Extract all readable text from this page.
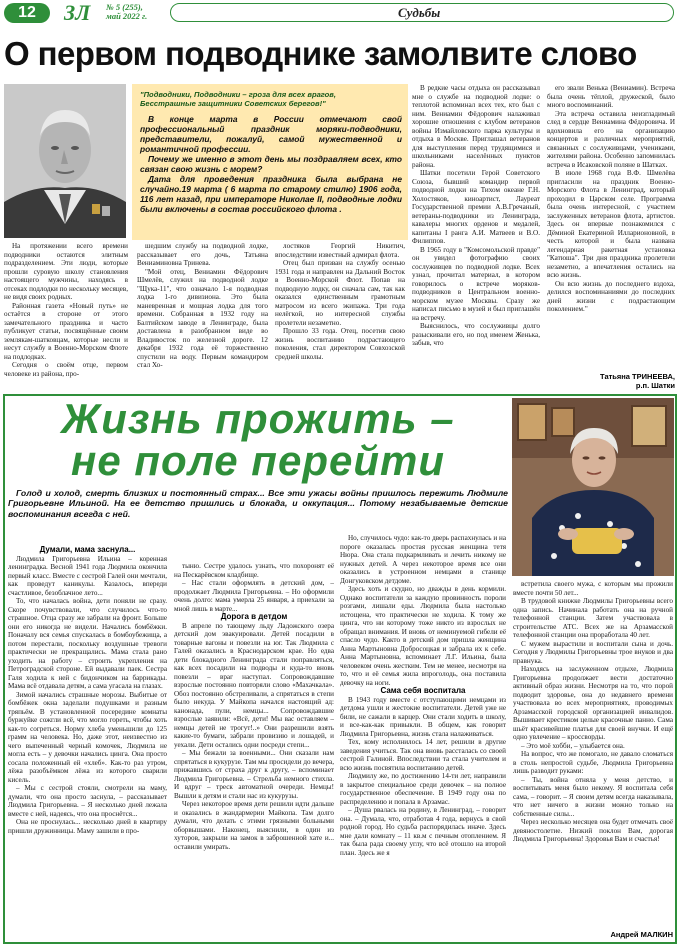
12	ЗЛ № 5 (255),
май 2022 г.	Судьбы
О первом подводнике замолвите слово
"Подводники, Подводники – гроза для всех врагов,
Бесстрашные защитники Советских берегов!"

В конце марта в России отмечают свой профессиональный праздник моряки-подводники, представители, пожалуй, самой мужественной и романтичной профессии.

Почему же именно в этот день мы поздравляем всех, кто связан свою жизнь с морем?

Дата для проведения праздника была выбрана не случайно.19 марта ( 6 марта по старому стилю) 1906 года, 116 лет назад, при императоре Николае II, подводные лодки были включены в состав российского флота .

На протяжении всего времени подводники остаются элитным подразделением. Эти люди, которые прошли суровую школу становления настоящего мужчины, находясь в отсеках подлодки по нескольку месяцев, не видя своих родных.

Районная газета «Новый путь» не остаётся в стороне от этого замечательного праздника и часто публикует статьи, посвящённые своим землякам-шатковцам, которые несли и несут службу в Военно-Морском Флоте на подлодках.

Сегодня о своём отце, первом человеке из района, про-

шедшим службу на подводной лодке, рассказывает его дочь, Татьяна Вениаминовна Триневa.

"Мой отец, Вениамин Фёдорович Шмелёв, служил на подводной лодке "Щука-11", что означало 1-я подводная лодка 1-го дивизиона. Это была маневренная и мощная лодка для того времени. Собранная в 1932 году на Балтийском заводе в Ленинграде, была доставлена в разобранном виде во Владивосток по железной дороге. 12 декабря 1932 года её торжественно спустили на воду. Первым командиром стал Хо-

лостяков Георгий Никитич, впоследствии известный адмирал флота.

Отец был призван на службу осенью 1931 года и направлен на Дальний Восток в Военно-Морской Флот. Попав на подводную лодку, он сначала сам, так как оказался единственным грамотным матросом из всего экипажа. Три года нелёгкой, но интересной службы пролетели незаметно.

Прошло 33 года. Отец, посетив свою жизнь воспитанию подрастающего поколения, стал директором Совхозской средней школы.

В редкие часы отдыха он рассказывал мне о службе на подводной лодке: о теплотой вспоминал всех тех, кто был с ним. Вениамин Фёдорович налаживал хорошие отношения с клубом ветеранов войны Измайловского парка культуры и отдыха в Москве. Приглашал ветеранов для выступления перед трудящимися и школьниками населённых пунктов района.

Шатки посетили Герой Советского Союза, бывший командир первой подводной лодки на Тихом океане Г.Н. Холостяков, киноартист, Лауреат Государственной премии А.В.Гречаный, ветераны-подводники из Ленинграда, кавалеры многих орденов и медалей, капитаны I ранга А.И. Матвеев и В.О. Филиппов.

В 1965 году в "Комсомольской правде" он увидел фотографию своих сослуживцев по подводной лодке. Всех узнал, прочитал материал, в котором говорилось о встрече моряков-подводников в Центральном военно-морском музее Москвы. Сразу же написал письмо в музей и был приглашён на встречу.

Выяснилось, что сослуживцы долго разыскивали его, но под именем Женька, забыв, что

его звали Венька (Вениамин). Встреча была очень тёплой, дружеской, было много воспоминаний.

Эта встреча оставила неизгладимый след в сердце Вениамина Фёдоровича. И вдохновила его на организацию концертов и различных мероприятий, связанных с сослуживцами, учениками, жителями района. Особенно запомнилась встреча в Исаковской поляне в Шатках.

В июле 1968 года В.Ф. Шмелёва пригласили на праздник Военно-Морского Флота в Ленинград, который проходил в Царском селе. Программа была очень интересной, с участием заслуженных ветеранов флота, артистов. Здесь он впервые познакомился с Дёминой Екатериной Илларионовной, в честь которой и была названа легендарная ракетная установка "Катюша". Три дня праздника пролетели незаметно, а впечатления остались на всю жизнь.

Он всю жизнь до последнего вздоха, делился воспоминаниями до последних дней жизни с подрастающим поколением."

Татьяна ТРИНЕЕВА,
р.п. Шатки
Жизнь прожить –
не поле перейти
Голод и холод, смерть близких и постоянный страх... Все эти ужасы войны пришлось пережить Людмиле Григорьевне Ильиной. На ее детство пришлись и блокада, и оккупация... Потому незабываемые детские воспоминания всегда с ней.

Думали, мама заснула...

Людмила Григорьевна Ильина – коренная ленинградка. Весной 1941 года Людмила окончила первый класс. Вместе с сестрой Галей они мечтали, как проведут каникулы. Казалось, впереди счастливое, безоблачное лето...

То, что началась война, дети поняли не сразу. Скоре почувствовали, что случилось что-то страшное. Отца сразу же забрали на фронт. Больше они его никогда не видели. Начались бомбёжки. Поначалу вся семья спускалась в бомбоубежища, а потом перестали, поскольку воздушные тревоги практически не прекращались. Мама стала рано уходить на работу – строить укрепления на Петроградской стороне. Ей выдавали паек. Сестра Галя ходила к ней с бидончиком на баррикады. Мама всё отдавала детям, а сама угасала на глазах.

Зимой начались страшные морозы. Выбитые от бомбёжек окна заделали подушками и разным тряпьём. В установленной посередине комнаты буржуйке сожгли всё, что могло гореть, чтобы хоть как-то согреться. Норму хлеба уменьшили до 125 грамм на человека. Но, даже этот, неизвестно из чего выпеченный черный комочек, Людмила не могла есть – у девочки начались цинга. Она просто сосала положенный ей «хлеб». Как-то раз утром, лёжа разобъёмком лёжа из которого сварили кисель.

– Мы с сестрой стояли, смотрели на маму, думали, что она просто заснула, – рассказывает Людмила Григорьевна. – Я несколько дней лежала вместе с ней, надеясь, что она проснётся...

Она не проснулась... несколько дней в квартиру пришли дружинницы. Маму зашили в про-

тыню. Сестре удалось узнать, что похоронят её на Пескарёвском кладбище.

– Нас стали оформлять в детский дом, – продолжает Людмила Григорьевна. – Но оформили очень долго: мама умерла 25 января, а приехали за мной лишь в марте...

Дорога в детдом

В апреле по тающему льду Ладожского озера детский дом эвакуировали. Детей посадили в товарные вагоны и повезли на юг. Так Людмила с Галей оказались в Краснодарском крае. Но едва дети блокадного Ленинграда стали поправляться, как всех посадили на подводы и куда-то вновь повезли – враг наступал. Сопровождавшие взрослые постоянно повторяли слово «Махачкала». Обоз постоянно обстреливали, а спрятаться в степи было некуда. У Майкопа начался настоящий ад: канонада, пули, немцы... Сопровождавшие взрослые заявили: «Всё, дети! Мы вас оставляем – немцы детей не трогут!..» Они разрешили взять какие-то бумаги, забрали провизию и лошадей, и уехали. Дети остались одни посреди степи...

– Мы бежали за военными... Они сказали нам спрятаться в кукурузе. Там мы просидели до вечера, прижавшись от страха друг к другу, – вспоминает Людмила Григорьевна. – Стрельба немного стихла. И вдруг – треск автоматной очереди. Немцы! Вышли к детям и стали нас из кукурузы.

Через некоторое время дети решили идти дальше и оказались в жандармерии Майкопа. Там долго думали, что делать с этими грязными больными оборвышами. Наконец, выяснили, в один из хуторов, закрыли на замок в заброшенной хате и... оставили умирать.

Но, случилось чудо: как-то дверь распахнулась и на пороге оказалась простая русская женщина тетя Нюра. Она стала подкармливать и лечить никому не нужных детей. А через некоторое время все они оказались в устроенном немцами в станице Донгуковском детдоме.

Здесь хоть и скудно, но дважды в день кормили. Однако воспитатели за каждую провинность пороли розгами, лишали еды. Людмила была настолько истощена, что практически не ходила. К тому же цинга, что ни которому тоже никто из взрослых не обращал внимания. И вновь от неминуемой гибели её спасло чудо. Както в детский дом пришла женщина Анна Мартыновна Добросоцкая и забрала их к себе. Анна Мартыновна, вспоминает Л.Г. Ильина, была человеком очень жестким. Тем не менее, несмотря на то, что и её семья жила впроголодь, она поставила девочку на ноги.

Сама себя воспитала

В 1943 году вместе с отступающими немцами из детдома ушли и жестокие воспитатели. Детей уже не били, не сажали в карцер. Они стали ходить в школу, и все-как-как привыкли. В общем, как говорит Людмила Григорьевна, жизнь стала налаживаться.

Тех, кому исполнилось 14 лет, решили в другие заведения учиться. Так она вновь рассталась со своей сестрой Галиной. Впоследствии та стала учителем и всю жизнь посвятила воспитанию детей.

Людмилу же, по достижению 14-ти лет, направили в закрытое специальное среди девочек – на полное государственное обеспечение. В 1949 году она по распределению и попала в Арзамас.

– Душа рвалась на родину, в Ленинград, – говорит она. – Думала, что, отработав 4 года, вернусь в свой родной город. Но судьба распорядилась иначе. Здесь мне дали комнату – 11 кв.м с печным отоплением. Я так была рада своему углу, что всё отошло на второй план. Здесь же я

встретила своего мужа, с которым мы прожили вместе почти 50 лет...

В трудовой книжке Людмилы Григорьевны всего одна запись. Начинала работать она на ручной телефонной станции. Затем участвовала в строительстве АТС. Всех же на Арзамасской телефонной станции она проработала 40 лет.

С мужем вырастили и воспитали сына и дочь. Сегодня у Людмилы Григорьевны трое внуков и два правнука.

Находясь на заслуженном отдыхе, Людмила Григорьевна продолжает вести достаточно активный образ жизни. Несмотря на то, что порой подводит здоровье, она до недавнего времени участвовала во всех мероприятиях, проводимых Арзамасской городской организацией инвалидов. Вышивает крестиком целые красочные панно. Сама шьёт красивейшие платья для своей внучки. И ещё одно увлечение – кроссворды.

– Это моё хобби, – улыбается она.

На вопрос, что же помогало, не давало сломаться в столь непростой судьбе, Людмила Григорьевна лишь разводит руками:

– Ты, война отняла у меня детство, и воспитывать меня было некому. Я воспитала себя сама, – говорит. – Я своим детям всегда наказывала, что нет ничего в жизни можно только на собственные силы...

Через несколько месяцев она будет отмечать своё девяностолетие. Низкий поклон Вам, дорогая Людмила Григорьевна! Здоровья Вам и счастья!

Андрей МАЛКИН
